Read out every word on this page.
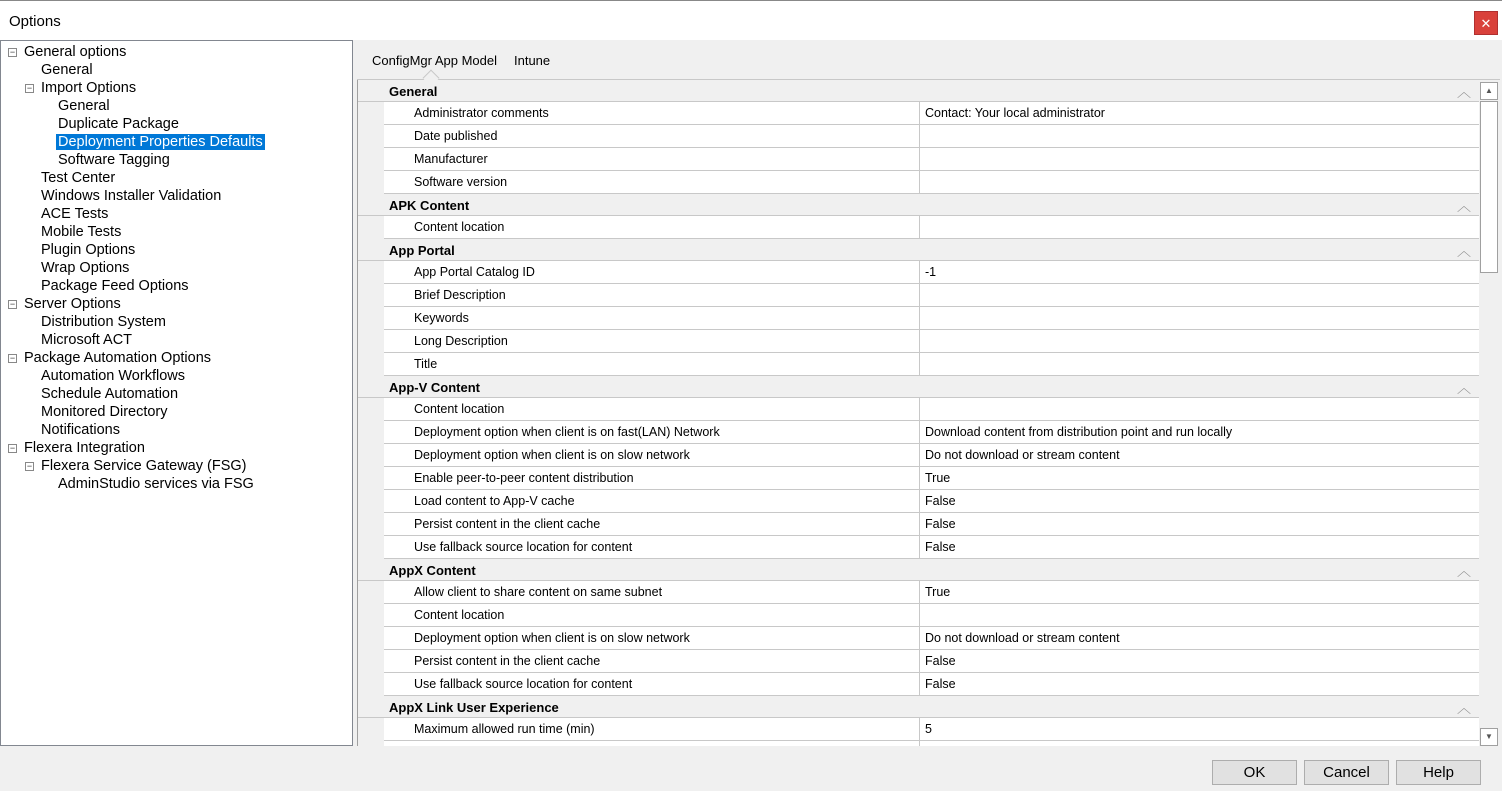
Options	✕
− General options
General
− Import Options
General
Duplicate Package
Deployment Properties Defaults
Software Tagging
Test Center
Windows Installer Validation
ACE Tests
Mobile Tests
Plugin Options
Wrap Options
Package Feed Options
− Server Options
Distribution System
Microsoft ACT
− Package Automation Options
Automation Workflows
Schedule Automation
Monitored Directory
Notifications
− Flexera Integration
− Flexera Service Gateway (FSG)
AdminStudio services via FSG
ConfigMgr App Model Intune
General	︿
Administrator comments	Contact: Your local administrator
Date published
Manufacturer
Software version
APK Content	︿
Content location
App Portal	︿
App Portal Catalog ID	-1
Brief Description
Keywords
Long Description
Title
App-V Content	︿
Content location
Deployment option when client is on fast(LAN) Network	Download content from distribution point and run locally
Deployment option when client is on slow network	Do not download or stream content
Enable peer-to-peer content distribution	True
Load content to App-V cache	False
Persist content in the client cache	False
Use fallback source location for content	False
AppX Content	︿
Allow client to share content on same subnet	True
Content location
Deployment option when client is on slow network	Do not download or stream content
Persist content in the client cache	False
Use fallback source location for content	False
AppX Link User Experience	︿
Maximum allowed run time (min)	5
▲
▼
OK	Cancel	Help
